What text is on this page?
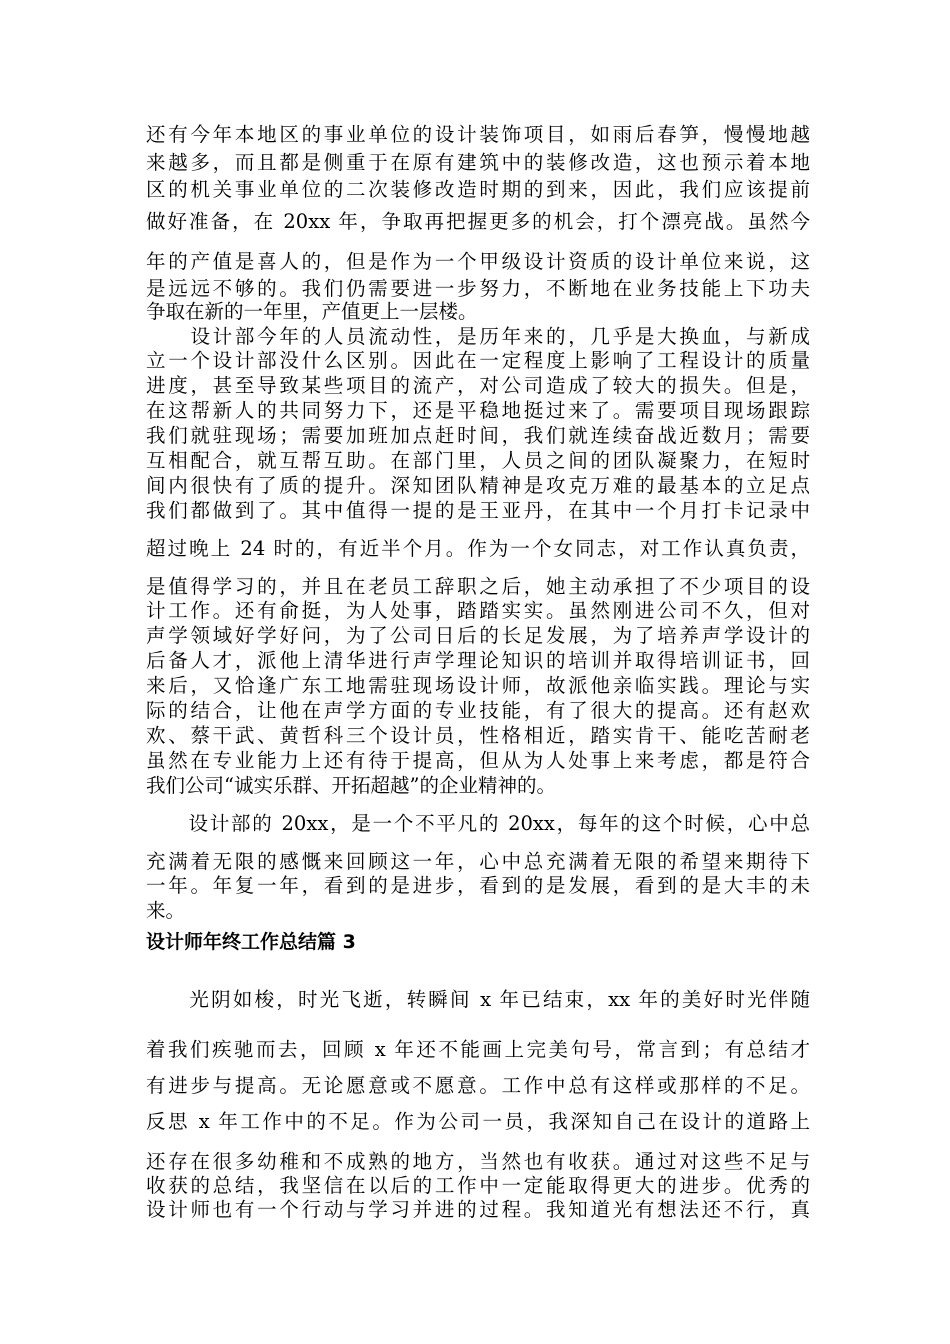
还有今年本地区的事业单位的设计装饰项目，如雨后春笋，慢慢地越
来越多，而且都是侧重于在原有建筑中的装修改造，这也预示着本地
区的机关事业单位的二次装修改造时期的到来，因此，我们应该提前
做好准备，在 20xx 年，争取再把握更多的机会，打个漂亮战。虽然今
年的产值是喜人的，但是作为一个甲级设计资质的设计单位来说，这
是远远不够的。我们仍需要进一步努力，不断地在业务技能上下功夫
争取在新的一年里，产值更上一层楼。
　　设计部今年的人员流动性，是历年来的，几乎是大换血，与新成
立一个设计部没什么区别。因此在一定程度上影响了工程设计的质量
进度，甚至导致某些项目的流产，对公司造成了较大的损失。但是，
在这帮新人的共同努力下，还是平稳地挺过来了。需要项目现场跟踪
我们就驻现场；需要加班加点赶时间，我们就连续奋战近数月；需要
互相配合，就互帮互助。在部门里，人员之间的团队凝聚力，在短时
间内很快有了质的提升。深知团队精神是攻克万难的最基本的立足点
我们都做到了。其中值得一提的是王亚丹，在其中一个月打卡记录中
超过晚上 24 时的，有近半个月。作为一个女同志，对工作认真负责，
是值得学习的，并且在老员工辞职之后，她主动承担了不少项目的设
计工作。还有俞挺，为人处事，踏踏实实。虽然刚进公司不久，但对
声学领域好学好问，为了公司日后的长足发展，为了培养声学设计的
后备人才，派他上清华进行声学理论知识的培训并取得培训证书，回
来后，又恰逢广东工地需驻现场设计师，故派他亲临实践。理论与实
际的结合，让他在声学方面的专业技能，有了很大的提高。还有赵欢
欢、蔡干武、黄哲科三个设计员，性格相近，踏实肯干、能吃苦耐老
虽然在专业能力上还有待于提高，但从为人处事上来考虑，都是符合
我们公司“诚实乐群、开拓超越”的企业精神的。
　　设计部的 20xx，是一个不平凡的 20xx，每年的这个时候，心中总
充满着无限的感慨来回顾这一年，心中总充满着无限的希望来期待下
一年。年复一年，看到的是进步，看到的是发展，看到的是大丰的未
来。
设计师年终工作总结篇 3
　　光阴如梭，时光飞逝，转瞬间 x 年已结束，xx 年的美好时光伴随
着我们疾驰而去，回顾 x 年还不能画上完美句号，常言到；有总结才
有进步与提高。无论愿意或不愿意。工作中总有这样或那样的不足。
反思 x 年工作中的不足。作为公司一员，我深知自己在设计的道路上
还存在很多幼稚和不成熟的地方，当然也有收获。通过对这些不足与
收获的总结，我坚信在以后的工作中一定能取得更大的进步。优秀的
设计师也有一个行动与学习并进的过程。我知道光有想法还不行，真
